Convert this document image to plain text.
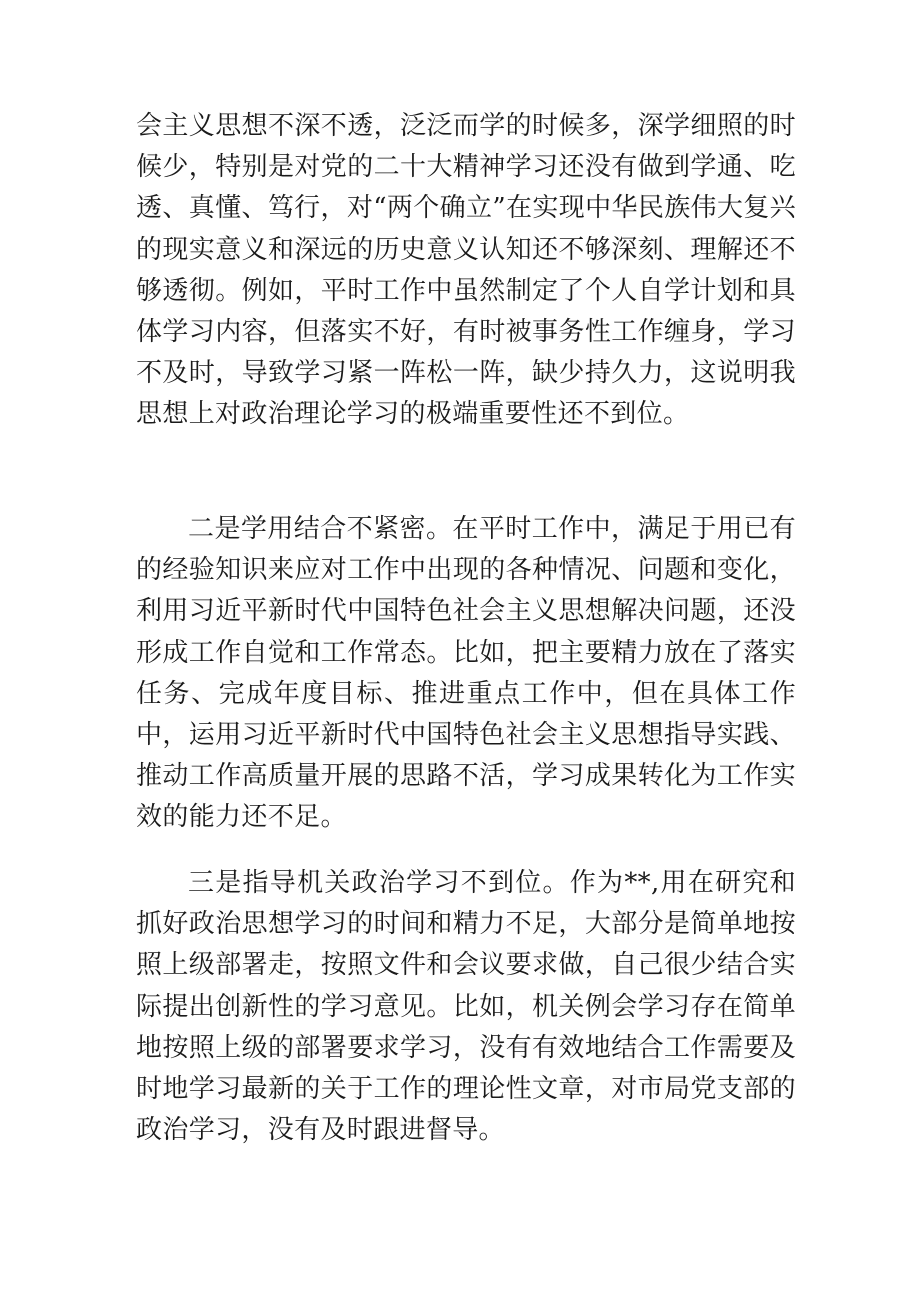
会主义思想不深不透，泛泛而学的时候多，深学细照的时候少，特别是对党的二十大精神学习还没有做到学通、吃透、真懂、笃行，对“两个确立”在实现中华民族伟大复兴的现实意义和深远的历史意义认知还不够深刻、理解还不够透彻。例如，平时工作中虽然制定了个人自学计划和具体学习内容，但落实不好，有时被事务性工作缠身，学习不及时，导致学习紧一阵松一阵，缺少持久力，这说明我思想上对政治理论学习的极端重要性还不到位。

二是学用结合不紧密。在平时工作中，满足于用已有的经验知识来应对工作中出现的各种情况、问题和变化，利用习近平新时代中国特色社会主义思想解决问题，还没形成工作自觉和工作常态。比如，把主要精力放在了落实任务、完成年度目标、推进重点工作中，但在具体工作中，运用习近平新时代中国特色社会主义思想指导实践、推动工作高质量开展的思路不活，学习成果转化为工作实效的能力还不足。

三是指导机关政治学习不到位。作为**,用在研究和抓好政治思想学习的时间和精力不足，大部分是简单地按照上级部署走，按照文件和会议要求做，自己很少结合实际提出创新性的学习意见。比如，机关例会学习存在简单地按照上级的部署要求学习，没有有效地结合工作需要及时地学习最新的关于工作的理论性文章，对市局党支部的政治学习，没有及时跟进督导。
